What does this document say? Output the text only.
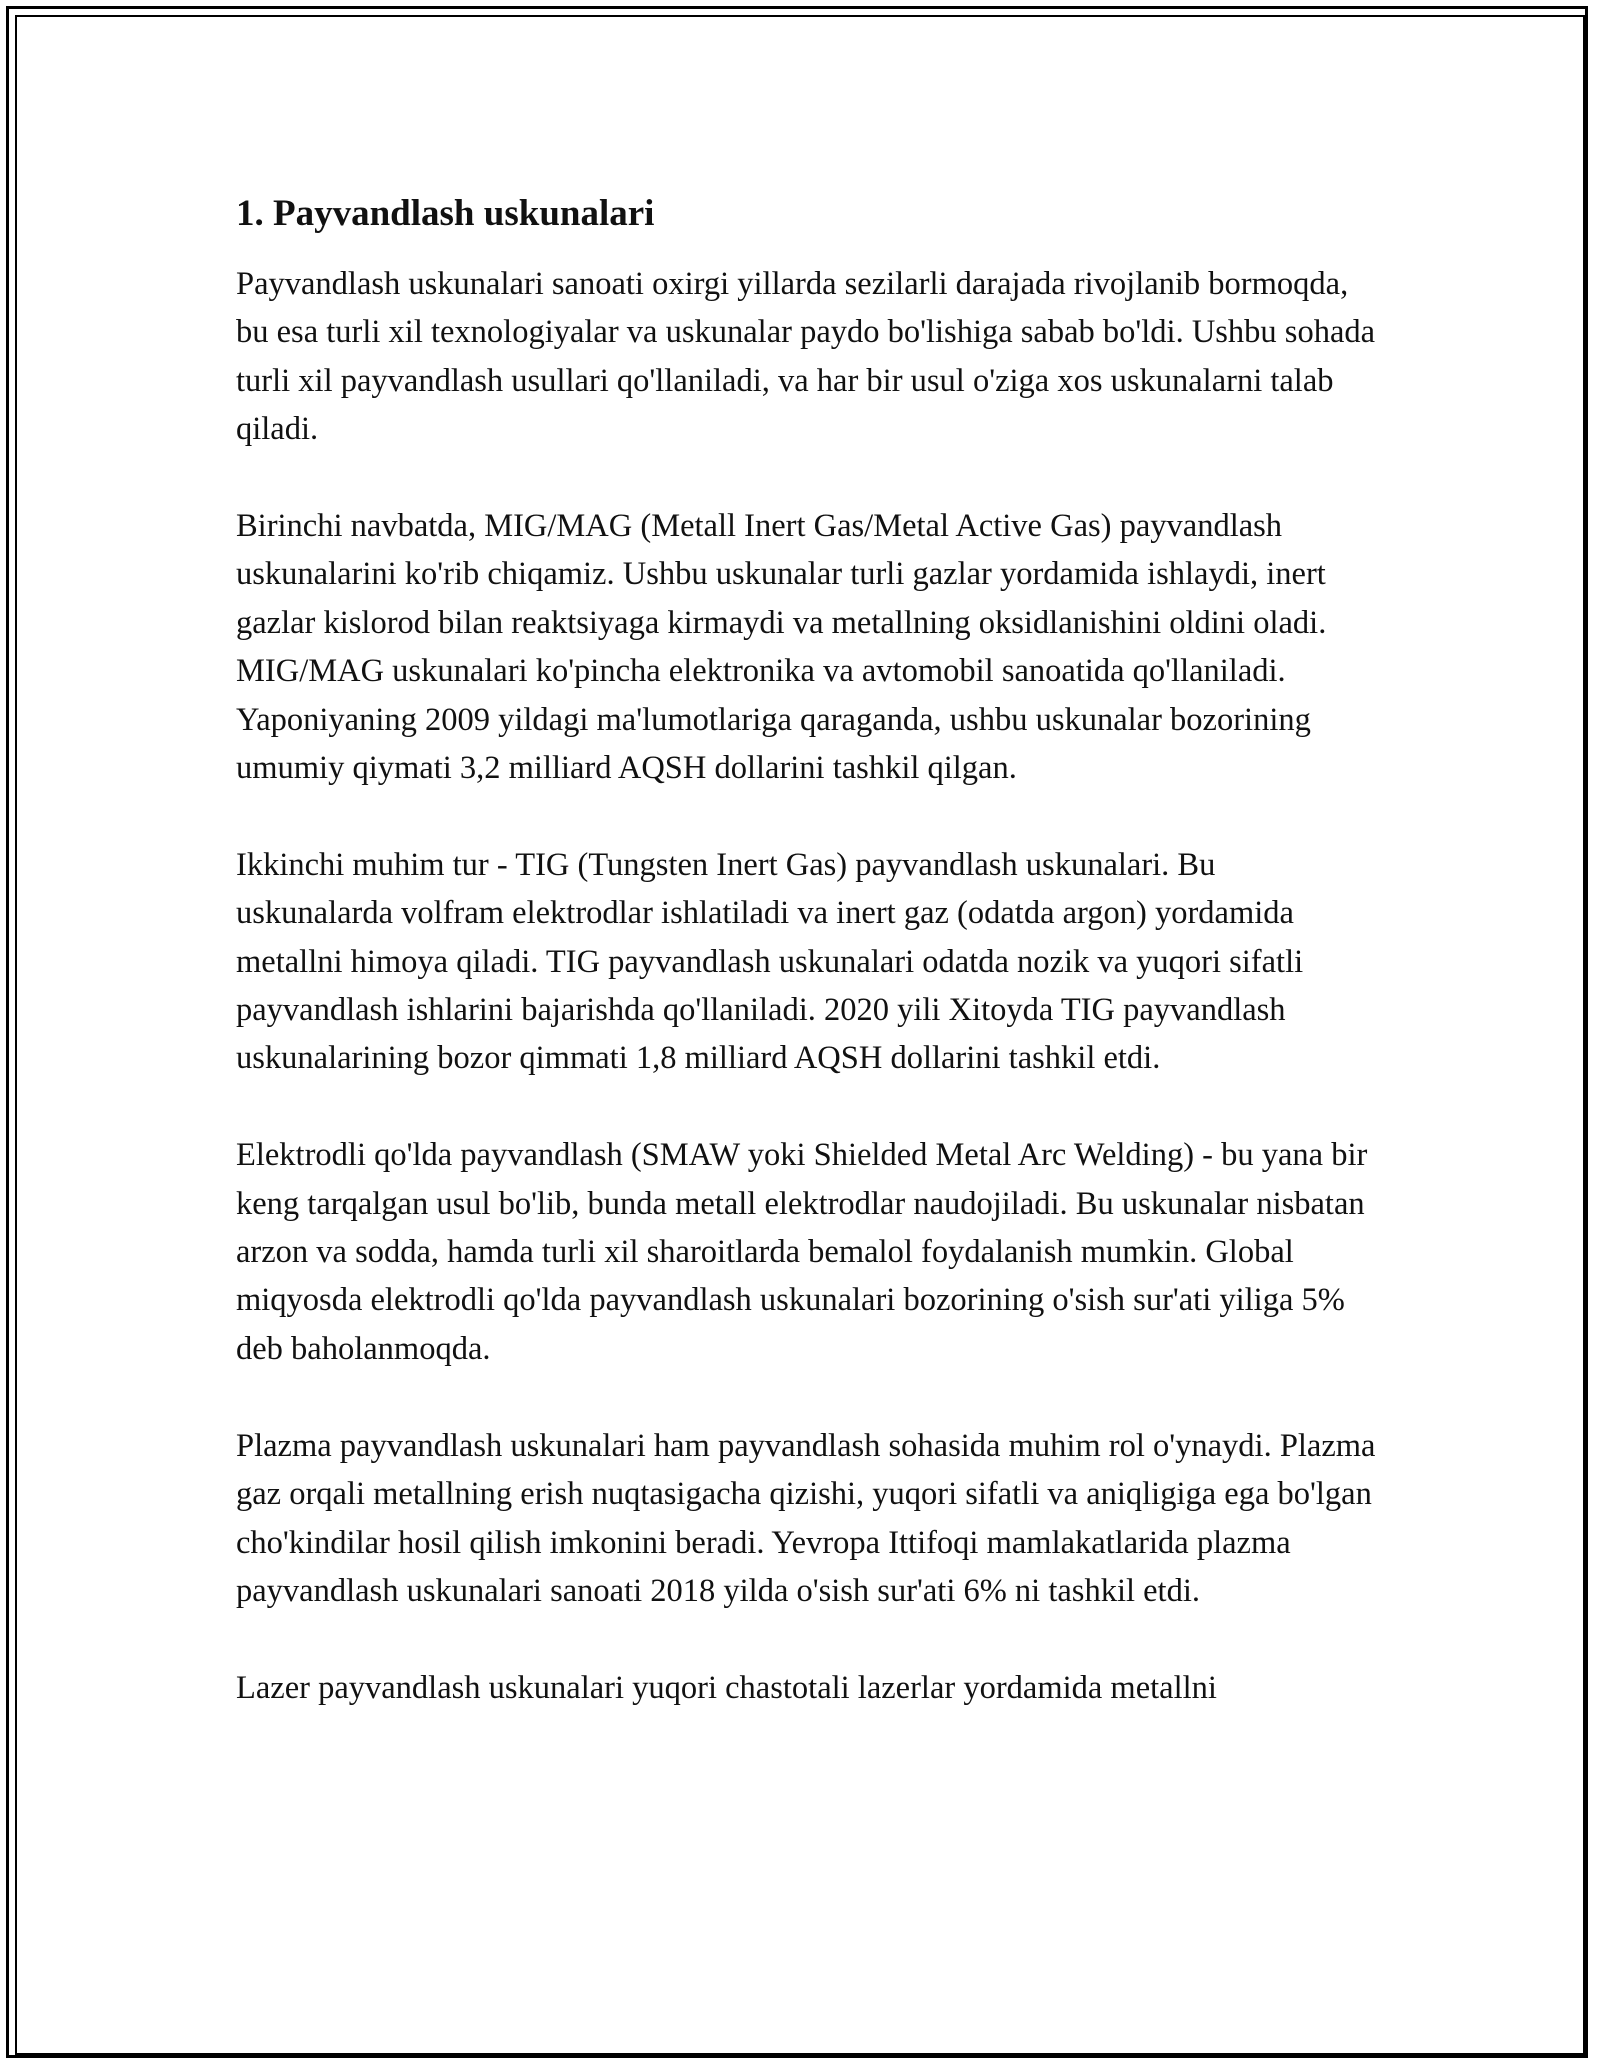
1. Payvandlash uskunalari

Payvandlash uskunalari sanoati oxirgi yillarda sezilarli darajada rivojlanib bormoqda, bu esa turli xil texnologiyalar va uskunalar paydo bo'lishiga sabab bo'ldi. Ushbu sohada turli xil payvandlash usullari qo'llaniladi, va har bir usul o'ziga xos uskunalarni talab qiladi.

Birinchi navbatda, MIG/MAG (Metall Inert Gas/Metal Active Gas) payvandlash uskunalarini ko'rib chiqamiz. Ushbu uskunalar turli gazlar yordamida ishlaydi, inert gazlar kislorod bilan reaktsiyaga kirmaydi va metallning oksidlanishini oldini oladi. MIG/MAG uskunalari ko'pincha elektronika va avtomobil sanoatida qo'llaniladi. Yaponiyaning 2009 yildagi ma'lumotlariga qaraganda, ushbu uskunalar bozorining umumiy qiymati 3,2 milliard AQSH dollarini tashkil qilgan.

Ikkinchi muhim tur - TIG (Tungsten Inert Gas) payvandlash uskunalari. Bu uskunalarda volfram elektrodlar ishlatiladi va inert gaz (odatda argon) yordamida metallni himoya qiladi. TIG payvandlash uskunalari odatda nozik va yuqori sifatli payvandlash ishlarini bajarishda qo'llaniladi. 2020 yili Xitoyda TIG payvandlash uskunalarining bozor qimmati 1,8 milliard AQSH dollarini tashkil etdi.

Elektrodli qo'lda payvandlash (SMAW yoki Shielded Metal Arc Welding) - bu yana bir keng tarqalgan usul bo'lib, bunda metall elektrodlar naudojiladi. Bu uskunalar nisbatan arzon va sodda, hamda turli xil sharoitlarda bemalol foydalanish mumkin. Global miqyosda elektrodli qo'lda payvandlash uskunalari bozorining o'sish sur'ati yiliga 5% deb baholanmoqda.

Plazma payvandlash uskunalari ham payvandlash sohasida muhim rol o'ynaydi. Plazma gaz orqali metallning erish nuqtasigacha qizishi, yuqori sifatli va aniqligiga ega bo'lgan cho'kindilar hosil qilish imkonini beradi. Yevropa Ittifoqi mamlakatlarida plazma payvandlash uskunalari sanoati 2018 yilda o'sish sur'ati 6% ni tashkil etdi.

Lazer payvandlash uskunalari yuqori chastotali lazerlar yordamida metallni
